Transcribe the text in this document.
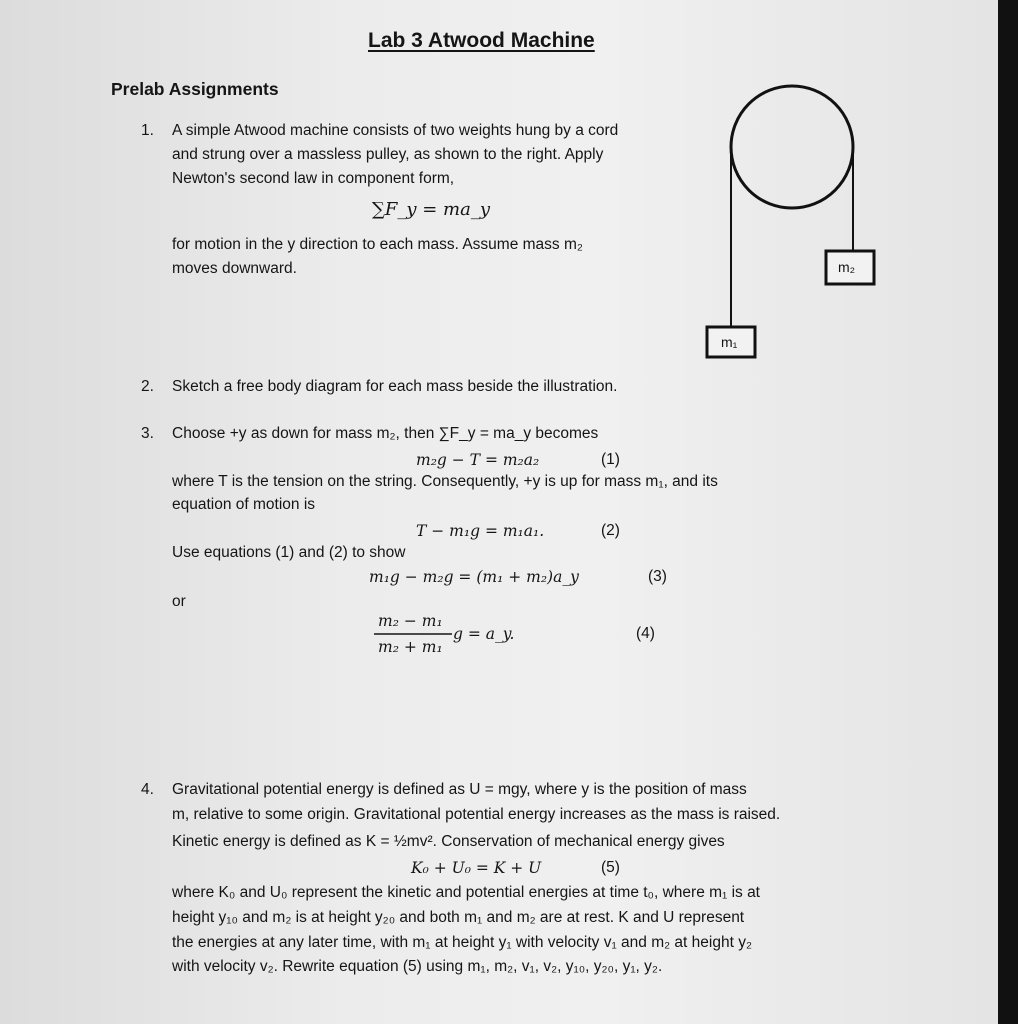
Lab 3 Atwood Machine
Prelab Assignments
1. A simple Atwood machine consists of two weights hung by a cord
and strung over a massless pulley, as shown to the right. Apply
Newton's second law in component form,
∑F_y = ma_y
for motion in the y direction to each mass. Assume mass m₂
moves downward.	m₂
m₁
2. Sketch a free body diagram for each mass beside the illustration.
3. Choose +y as down for mass m₂, then ∑F_y = ma_y becomes
m₂g − T = m₂a₂	(1)
where T is the tension on the string. Consequently, +y is up for mass m₁, and its
equation of motion is
T − m₁g = m₁a₁.	(2)
Use equations (1) and (2) to show
m₁g − m₂g = (m₁ + m₂)a_y	(3)
or
m₂ − m₁
m₂ + m₁
g = a_y.	(4)
4. Gravitational potential energy is defined as U = mgy, where y is the position of mass
m, relative to some origin. Gravitational potential energy increases as the mass is raised.
Kinetic energy is defined as K = ½mv². Conservation of mechanical energy gives
K₀ + U₀ = K + U	(5)
where K₀ and U₀ represent the kinetic and potential energies at time t₀, where m₁ is at
height y₁₀ and m₂ is at height y₂₀ and both m₁ and m₂ are at rest. K and U represent
the energies at any later time, with m₁ at height y₁ with velocity v₁ and m₂ at height y₂
with velocity v₂. Rewrite equation (5) using m₁, m₂, v₁, v₂, y₁₀, y₂₀, y₁, y₂.
